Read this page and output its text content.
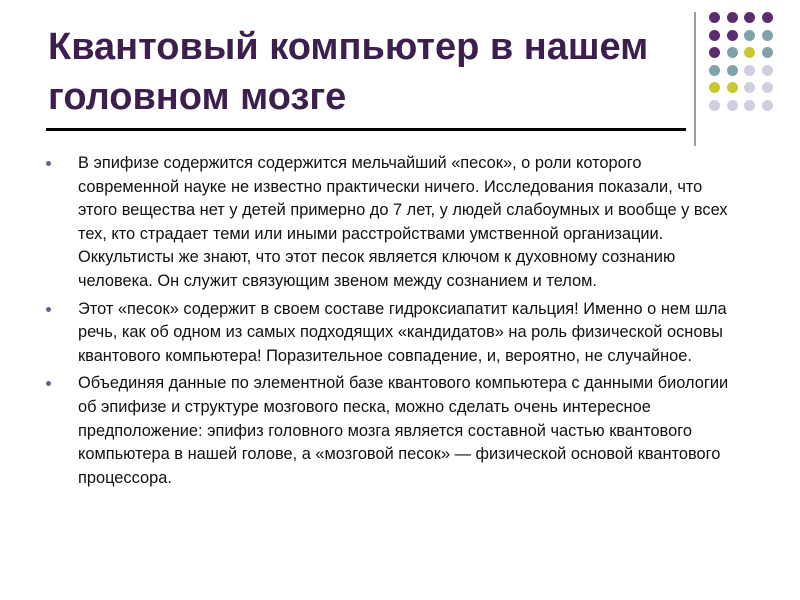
Квантовый компьютер в нашем головном мозге
В эпифизе содержится содержится мельчайший «песок», о роли которого современной науке не известно практически ничего. Исследования показали, что этого вещества нет у детей примерно до 7 лет, у людей слабоумных и вообще у всех тех, кто страдает теми или иными расстройствами умственной организации. Оккультисты же знают, что этот песок является ключом к духовному сознанию человека. Он служит связующим звеном между сознанием и телом.
Этот «песок» содержит в своем составе гидроксиапатит кальция! Именно о нем шла речь, как об одном из самых подходящих «кандидатов» на роль физической основы квантового компьютера! Поразительное совпадение, и, вероятно, не случайное.
Объединяя данные по элементной базе квантового компьютера с данными биологии об эпифизе и структуре мозгового песка, можно сделать очень интересное предположение: эпифиз головного мозга является составной частью квантового компьютера в нашей голове, а «мозговой песок» — физической основой квантового процессора.
